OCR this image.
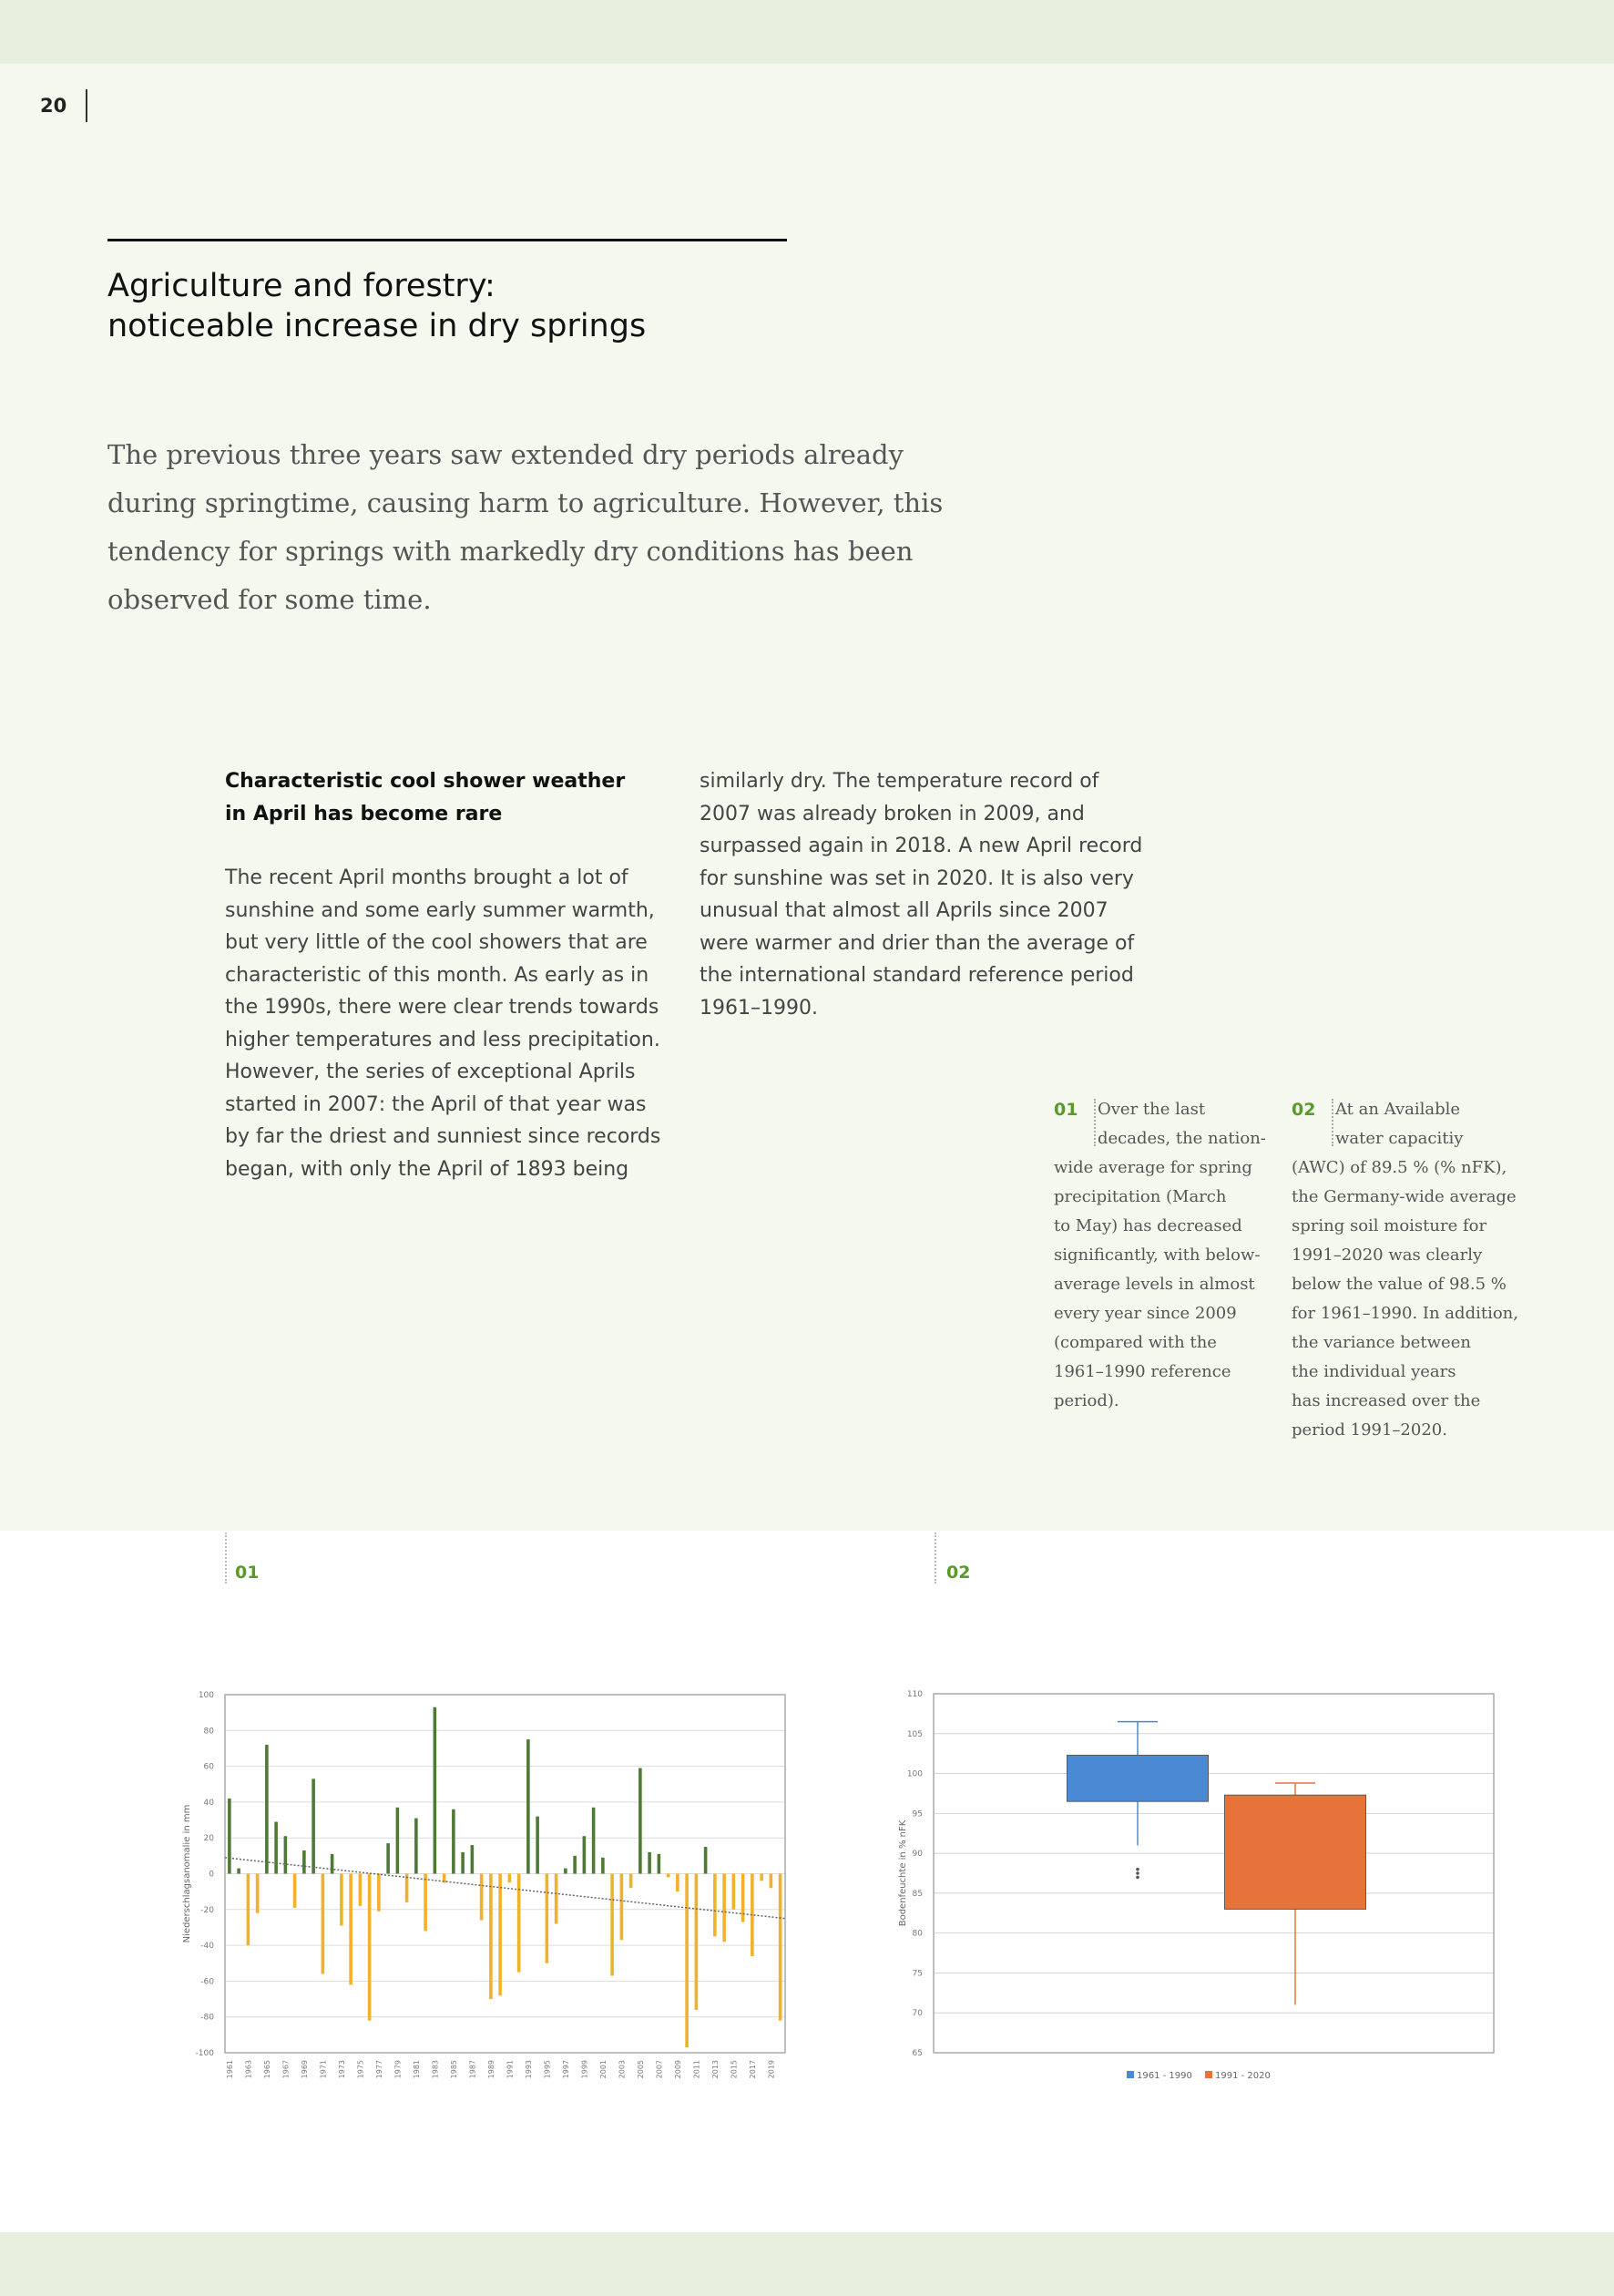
20
Agriculture and forestry:
noticeable increase in dry springs
The previous three years saw extended dry periods already
during springtime, causing harm to agriculture. However, this
tendency for springs with markedly dry conditions has been
observed for some time.
Characteristic cool shower weather
in April has become rare
The recent April months brought a lot of
sunshine and some early summer warmth,
but very little of the cool showers that are
characteristic of this month. As early as in
the 1990s, there were clear trends towards
higher temperatures and less precipitation.
However, the series of exceptional Aprils
started in 2007: the April of that year was
by far the driest and sunniest since records
began, with only the April of 1893 being
similarly dry. The temperature record of
2007 was already broken in 2009, and
surpassed again in 2018. A new April record
for sunshine was set in 2020. It is also very
unusual that almost all Aprils since 2007
were warmer and drier than the average of
the international standard reference period
1961–1990.
01	Over the last
decades, the nation-
wide average for spring
precipitation (March
to May) has decreased
significantly, with below-
average levels in almost
every year since 2009
(compared with the
1961–1990 reference
period).
02	At an Available
water capacitiy
(AWC) of 89.5 % (% nFK),
the Germany-wide average
spring soil moisture for
1991–2020 was clearly
below the value of 98.5 %
for 1961–1990. In addition,
the variance between
the individual years
has increased over the
period 1991–2020.
01	02
100
80
60
40
20
0
-20
-40
-60
-80
-100
1961 1963 1965 1967 1969 1971 1973 1975 1977 1979 1981 1983 1985 1987 1989 1991 1993 1995 1997 1999 2001 2003 2005 2007 2009 2011 2013 2015 2017 2019
Niederschlagsanomalie in mm
110
105
100
95
90
85
80
75
70
65
Bodenfeuchte in % nFK
1961 - 1990	1991 - 2020
